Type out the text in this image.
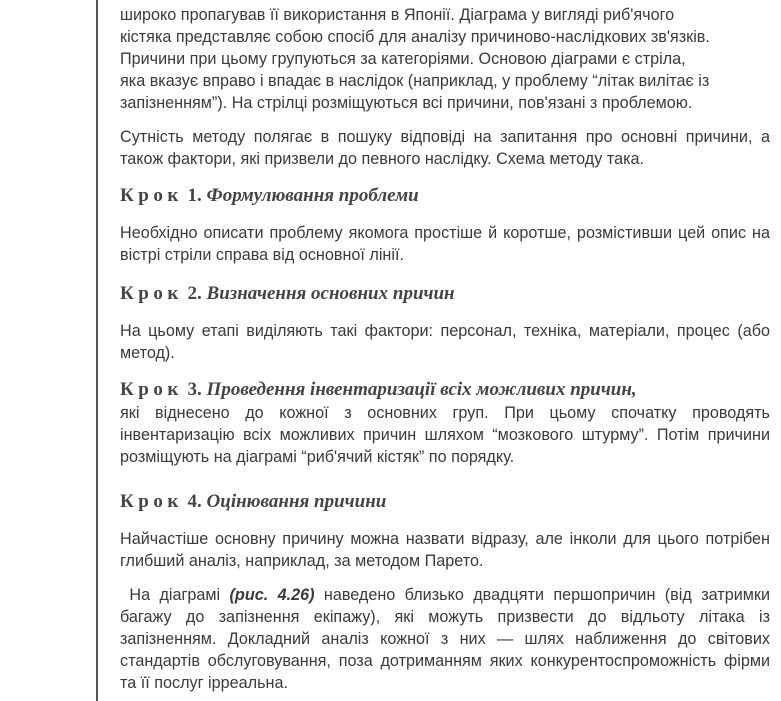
широко пропагував її використання в Японії. Діаграма у вигляді риб'ячого
кістяка представляє собою спосіб для аналізу причиново-наслідкових зв'язків.
Причини при цьому групуються за категоріями. Основою діаграми є стріла,
яка вказує вправо і впадає в наслідок (наприклад, у проблему “літак вилітає із
запізненням”). На стрілці розміщуються всі причини, пов'язані з проблемою.

Сутність методу полягає в пошуку відповіді на запитання про основні причини, а також фактори, які призвели до певного наслідку. Схема методу така.

Крок 1. Формулювання проблеми

Необхідно описати проблему якомога простіше й коротше, розмістивши цей опис на вістрі стріли справа від основної лінії.

Крок 2. Визначення основних причин

На цьому етапі виділяють такі фактори: персонал, техніка, матеріали, процес (або метод).

Крок 3. Проведення інвентаризації всіх можливих причин,

які віднесено до кожної з основних груп. При цьому спочатку проводять інвентаризацію всіх можливих причин шляхом “мозкового штурму”. Потім причини розміщують на діаграмі “риб'ячий кістяк” по порядку.

Крок 4. Оцінювання причини

Найчастіше основну причину можна назвати відразу, але інколи для цього потрібен глибший аналіз, наприклад, за методом Парето.

На діаграмі (рис. 4.26) наведено близько двадцяти першопричин (від затримки багажу до запізнення екіпажу), які можуть призвести до відльоту літака із запізненням. Докладний аналіз кожної з них — шлях наближення до світових стандартів обслуговування, поза дотриманням яких конкурентоспроможність фірми та її послуг ірреальна.
